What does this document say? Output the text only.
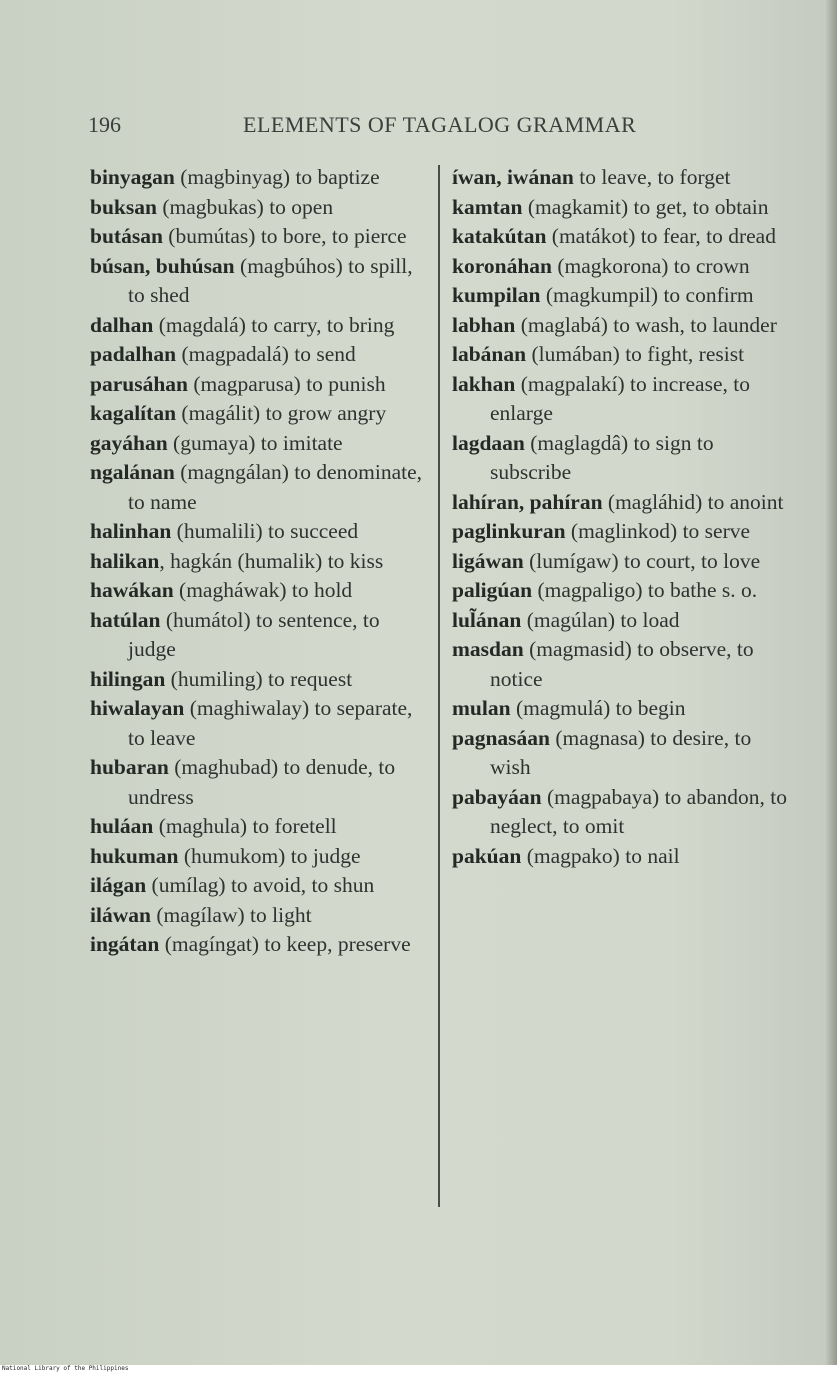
196	ELEMENTS OF TAGALOG GRAMMAR

binyagan (magbinyag) to baptize

buksan (magbukas) to open

butásan (bumútas) to bore, to pierce

búsan, buhúsan (magbúhos) to spill, to shed

dalhan (magdalá) to carry, to bring

padalhan (magpadalá) to send

parusáhan (magparusa) to punish

kagalítan (magálit) to grow angry

gayáhan (gumaya) to imitate

ngalánan (magngálan) to denominate, to name

halinhan (humalili) to succeed

halikan, hagkán (humalik) to kiss

hawákan (magháwak) to hold

hatúlan (humátol) to sentence, to judge

hilingan (humiling) to request

hiwalayan (maghiwalay) to separate, to leave

hubaran (maghubad) to denude, to undress

huláan (maghula) to foretell

hukuman (humukom) to judge

ilágan (umílag) to avoid, to shun

iláwan (magílaw) to light

ingátan (magíngat) to keep, preserve

íwan, iwánan to leave, to forget

kamtan (magkamit) to get, to obtain

katakútan (matákot) to fear, to dread

koronáhan (magkorona) to crown

kumpilan (magkumpil) to confirm

labhan (maglabá) to wash, to launder

labánan (lumában) to fight, resist

lakhan (magpalakí) to increase, to enlarge

lagdaan (maglagdâ) to sign to subscribe

lahíran, pahíran (magláhid) to anoint

paglinkuran (maglinkod) to serve

ligáwan (lumígaw) to court, to love

paligúan (magpaligo) to bathe s. o.

lul̃ánan (magúlan) to load

masdan (magmasid) to observe, to notice

mulan (magmulá) to begin

pagnasáan (magnasa) to desire, to wish

pabayáan (magpabaya) to abandon, to neglect, to omit

pakúan (magpako) to nail

National Library of the Philippines
